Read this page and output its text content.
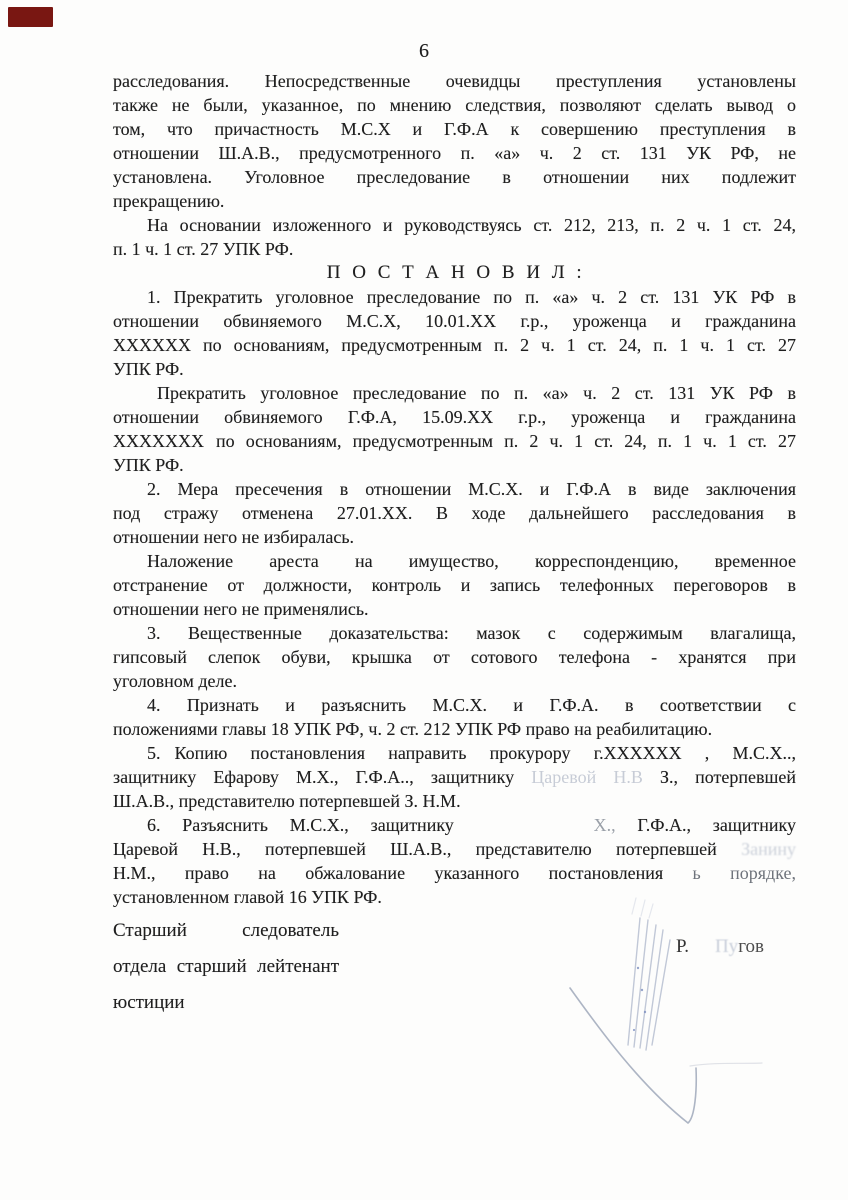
6
расследования. Непосредственные очевидцы преступления установлены
также не были, указанное, по мнению следствия, позволяют сделать вывод о
том, что причастность М.С.Х и Г.Ф.А к совершению преступления в
отношении Ш.А.В., предусмотренного п. «а» ч. 2 ст. 131 УК РФ, не
установлена. Уголовное преследование в отношении них подлежит
прекращению.
На основании изложенного и руководствуясь ст. 212, 213, п. 2 ч. 1 ст. 24,
п. 1 ч. 1 ст. 27 УПК РФ.
П О С Т А Н О В И Л :
1. Прекратить уголовное преследование по п. «а» ч. 2 ст. 131 УК РФ в
отношении обвиняемого М.С.Х, 10.01.ХХ г.р., уроженца и гражданина
ХХХХХХ по основаниям, предусмотренным п. 2 ч. 1 ст. 24, п. 1 ч. 1 ст. 27
УПК РФ.
Прекратить уголовное преследование по п. «а» ч. 2 ст. 131 УК РФ в
отношении обвиняемого Г.Ф.А, 15.09.ХХ г.р., уроженца и гражданина
ХХХХХХХ по основаниям, предусмотренным п. 2 ч. 1 ст. 24, п. 1 ч. 1 ст. 27
УПК РФ.
2. Мера пресечения в отношении М.С.Х. и Г.Ф.А в виде заключения
под стражу отменена 27.01.ХХ. В ходе дальнейшего расследования в
отношении него не избиралась.
Наложение ареста на имущество, корреспонденцию, временное
отстранение от должности, контроль и запись телефонных переговоров в
отношении него не применялись.
3. Вещественные доказательства: мазок с содержимым влагалища,
гипсовый слепок обуви, крышка от сотового телефона - хранятся при
уголовном деле.
4. Признать и разъяснить М.С.Х. и Г.Ф.А. в соответствии с
положениями главы 18 УПК РФ, ч. 2 ст. 212 УПК РФ право на реабилитацию.
5. Копию постановления направить прокурору г.ХХХХХХ , М.С.Х..,
защитнику Ефарову М.Х., Г.Ф.А.., защитнику Царевой Н.В З., потерпевшей
Ш.А.В., представителю потерпевшей З. Н.М.
6. Разъяснить М.С.Х., защитнику	Х., Г.Ф.А., защитнику
Царевой Н.В., потерпевшей Ш.А.В., представителю потерпевшей Занину
Н.М., право на обжалование указанного постановления ь порядке,
установленном главой 16 УПК РФ.
Старший следователь
отдела старший лейтенант
юстиции
Р. Пугов
